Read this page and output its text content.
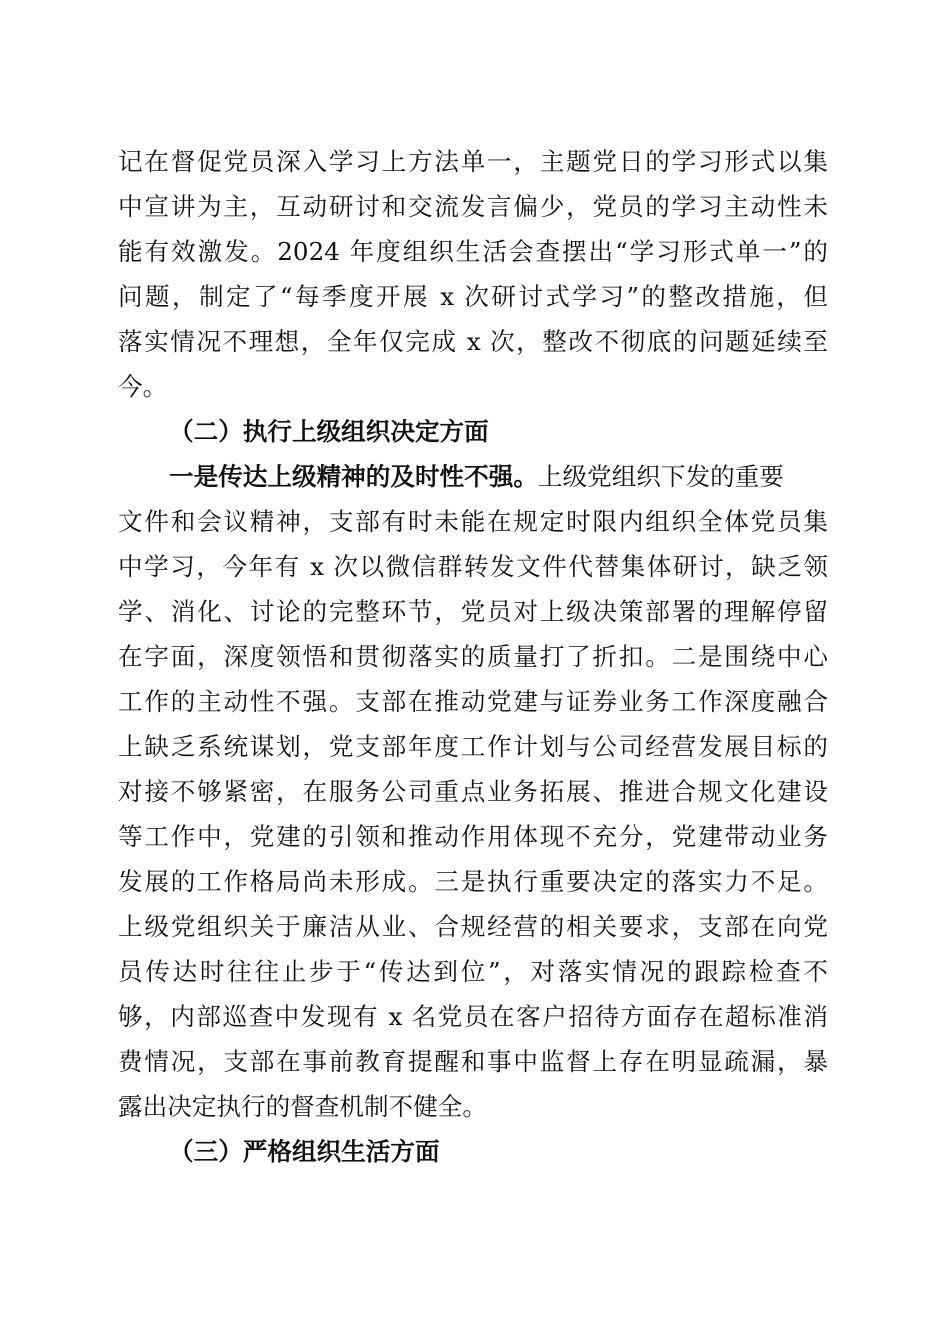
记在督促党员深入学习上方法单一，主题党日的学习形式以集
中宣讲为主，互动研讨和交流发言偏少，党员的学习主动性未
能有效激发。2024 年度组织生活会查摆出“学习形式单一”的
问题，制定了“每季度开展 x 次研讨式学习”的整改措施，但
落实情况不理想，全年仅完成 x 次，整改不彻底的问题延续至
今。
（二）执行上级组织决定方面
一是传达上级精神的及时性不强。上级党组织下发的重要
文件和会议精神，支部有时未能在规定时限内组织全体党员集
中学习，今年有 x 次以微信群转发文件代替集体研讨，缺乏领
学、消化、讨论的完整环节，党员对上级决策部署的理解停留
在字面，深度领悟和贯彻落实的质量打了折扣。二是围绕中心
工作的主动性不强。支部在推动党建与证券业务工作深度融合
上缺乏系统谋划，党支部年度工作计划与公司经营发展目标的
对接不够紧密，在服务公司重点业务拓展、推进合规文化建设
等工作中，党建的引领和推动作用体现不充分，党建带动业务
发展的工作格局尚未形成。三是执行重要决定的落实力不足。
上级党组织关于廉洁从业、合规经营的相关要求，支部在向党
员传达时往往止步于“传达到位”，对落实情况的跟踪检查不
够，内部巡查中发现有 x 名党员在客户招待方面存在超标准消
费情况，支部在事前教育提醒和事中监督上存在明显疏漏，暴
露出决定执行的督查机制不健全。
（三）严格组织生活方面
